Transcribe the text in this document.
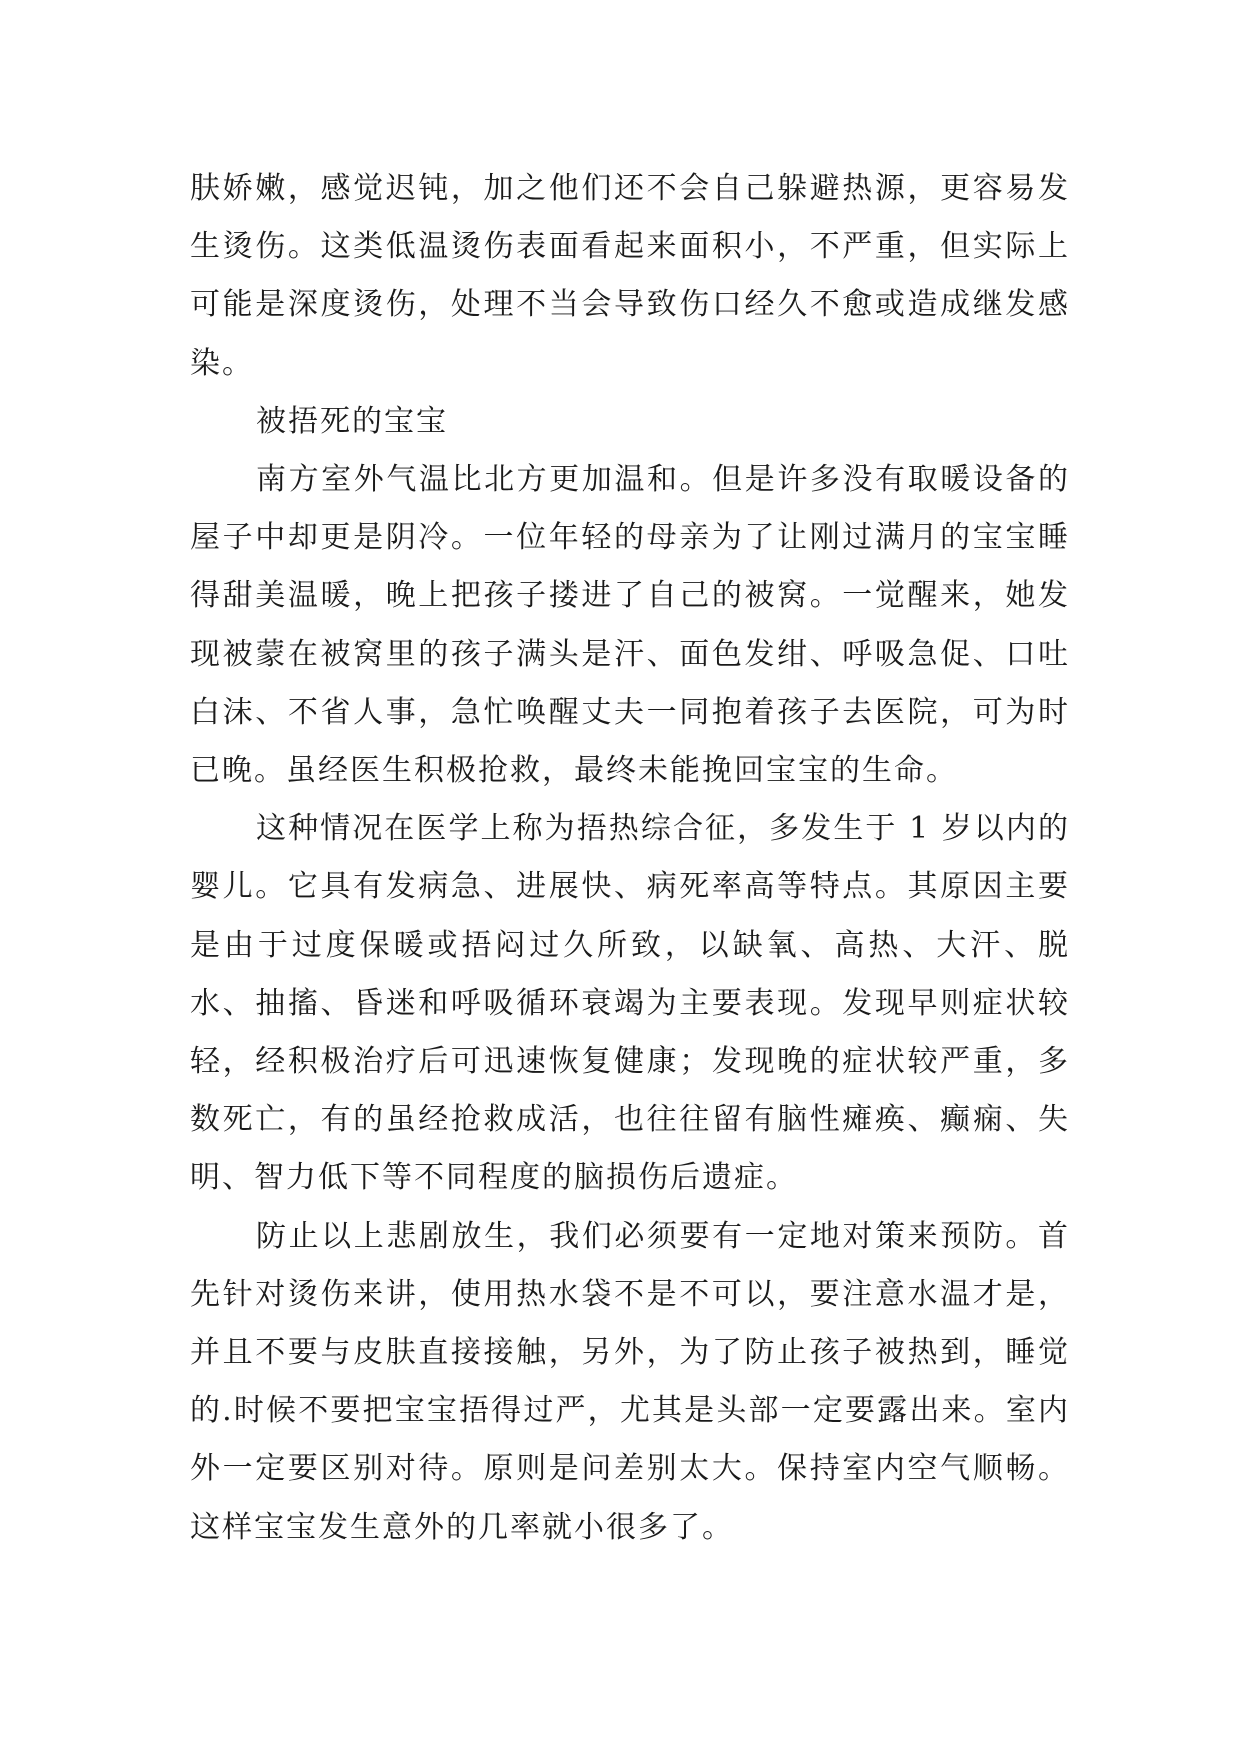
肤娇嫩，感觉迟钝，加之他们还不会自己躲避热源，更容易发生烫伤。这类低温烫伤表面看起来面积小，不严重，但实际上可能是深度烫伤，处理不当会导致伤口经久不愈或造成继发感染。

被捂死的宝宝

南方室外气温比北方更加温和。但是许多没有取暖设备的屋子中却更是阴冷。一位年轻的母亲为了让刚过满月的宝宝睡得甜美温暖，晚上把孩子搂进了自己的被窝。一觉醒来，她发现被蒙在被窝里的孩子满头是汗、面色发绀、呼吸急促、口吐白沫、不省人事，急忙唤醒丈夫一同抱着孩子去医院，可为时已晚。虽经医生积极抢救，最终未能挽回宝宝的生命。

这种情况在医学上称为捂热综合征，多发生于 1 岁以内的婴儿。它具有发病急、进展快、病死率高等特点。其原因主要是由于过度保暖或捂闷过久所致，以缺氧、高热、大汗、脱水、抽搐、昏迷和呼吸循环衰竭为主要表现。发现早则症状较轻，经积极治疗后可迅速恢复健康；发现晚的症状较严重，多数死亡，有的虽经抢救成活，也往往留有脑性瘫痪、癫痫、失明、智力低下等不同程度的脑损伤后遗症。

防止以上悲剧放生，我们必须要有一定地对策来预防。首先针对烫伤来讲，使用热水袋不是不可以，要注意水温才是，并且不要与皮肤直接接触，另外，为了防止孩子被热到，睡觉的.时候不要把宝宝捂得过严，尤其是头部一定要露出来。室内外一定要区别对待。原则是问差别太大。保持室内空气顺畅。这样宝宝发生意外的几率就小很多了。
